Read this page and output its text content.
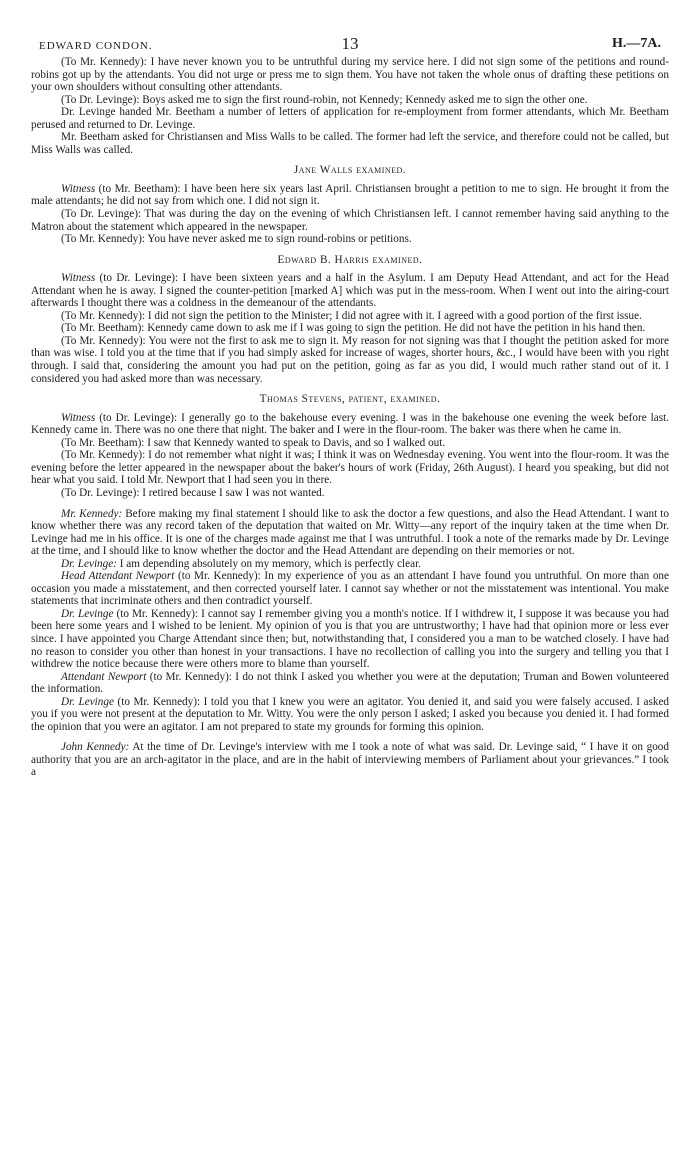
EDWARD CONDON.	13	H.—7A.

(To Mr. Kennedy): I have never known you to be untruthful during my service here. I did not sign some of the petitions and round-robins got up by the attendants. You did not urge or press me to sign them. You have not taken the whole onus of drafting these petitions on your own shoulders without consulting other attendants.

(To Dr. Levinge): Boys asked me to sign the first round-robin, not Kennedy; Kennedy asked me to sign the other one.

Dr. Levinge handed Mr. Beetham a number of letters of application for re-employment from former attendants, which Mr. Beetham perused and returned to Dr. Levinge.

Mr. Beetham asked for Christiansen and Miss Walls to be called. The former had left the service, and therefore could not be called, but Miss Walls was called.

Jane Walls examined.

Witness (to Mr. Beetham): I have been here six years last April. Christiansen brought a petition to me to sign. He brought it from the male attendants; he did not say from which one. I did not sign it.

(To Dr. Levinge): That was during the day on the evening of which Christiansen left. I cannot remember having said anything to the Matron about the statement which appeared in the newspaper.

(To Mr. Kennedy): You have never asked me to sign round-robins or petitions.

Edward B. Harris examined.

Witness (to Dr. Levinge): I have been sixteen years and a half in the Asylum. I am Deputy Head Attendant, and act for the Head Attendant when he is away. I signed the counter-petition [marked A] which was put in the mess-room. When I went out into the airing-court afterwards I thought there was a coldness in the demeanour of the attendants.

(To Mr. Kennedy): I did not sign the petition to the Minister; I did not agree with it. I agreed with a good portion of the first issue.

(To Mr. Beetham): Kennedy came down to ask me if I was going to sign the petition. He did not have the petition in his hand then.

(To Mr. Kennedy): You were not the first to ask me to sign it. My reason for not signing was that I thought the petition asked for more than was wise. I told you at the time that if you had simply asked for increase of wages, shorter hours, &c., I would have been with you right through. I said that, considering the amount you had put on the petition, going as far as you did, I would much rather stand out of it. I considered you had asked more than was necessary.

Thomas Stevens, patient, examined.

Witness (to Dr. Levinge): I generally go to the bakehouse every evening. I was in the bakehouse one evening the week before last. Kennedy came in. There was no one there that night. The baker and I were in the flour-room. The baker was there when he came in.

(To Mr. Beetham): I saw that Kennedy wanted to speak to Davis, and so I walked out.

(To Mr. Kennedy): I do not remember what night it was; I think it was on Wednesday evening. You went into the flour-room. It was the evening before the letter appeared in the newspaper about the baker's hours of work (Friday, 26th August). I heard you speaking, but did not hear what you said. I told Mr. Newport that I had seen you in there.

(To Dr. Levinge): I retired because I saw I was not wanted.

Mr. Kennedy: Before making my final statement I should like to ask the doctor a few questions, and also the Head Attendant. I want to know whether there was any record taken of the deputation that waited on Mr. Witty—any report of the inquiry taken at the time when Dr. Levinge had me in his office. It is one of the charges made against me that I was untruthful. I took a note of the remarks made by Dr. Levinge at the time, and I should like to know whether the doctor and the Head Attendant are depending on their memories or not.

Dr. Levinge: I am depending absolutely on my memory, which is perfectly clear.

Head Attendant Newport (to Mr. Kennedy): In my experience of you as an attendant I have found you untruthful. On more than one occasion you made a misstatement, and then corrected yourself later. I cannot say whether or not the misstatement was intentional. You make statements that incriminate others and then contradict yourself.

Dr. Levinge (to Mr. Kennedy): I cannot say I remember giving you a month's notice. If I withdrew it, I suppose it was because you had been here some years and I wished to be lenient. My opinion of you is that you are untrustworthy; I have had that opinion more or less ever since. I have appointed you Charge Attendant since then; but, notwithstanding that, I considered you a man to be watched closely. I have had no reason to consider you other than honest in your transactions. I have no recollection of calling you into the surgery and telling you that I withdrew the notice because there were others more to blame than yourself.

Attendant Newport (to Mr. Kennedy): I do not think I asked you whether you were at the deputation; Truman and Bowen volunteered the information.

Dr. Levinge (to Mr. Kennedy): I told you that I knew you were an agitator. You denied it, and said you were falsely accused. I asked you if you were not present at the deputation to Mr. Witty. You were the only person I asked; I asked you because you denied it. I had formed the opinion that you were an agitator. I am not prepared to state my grounds for forming this opinion.

John Kennedy: At the time of Dr. Levinge's interview with me I took a note of what was said. Dr. Levinge said, “ I have it on good authority that you are an arch-agitator in the place, and are in the habit of interviewing members of Parliament about your grievances.” I took a
